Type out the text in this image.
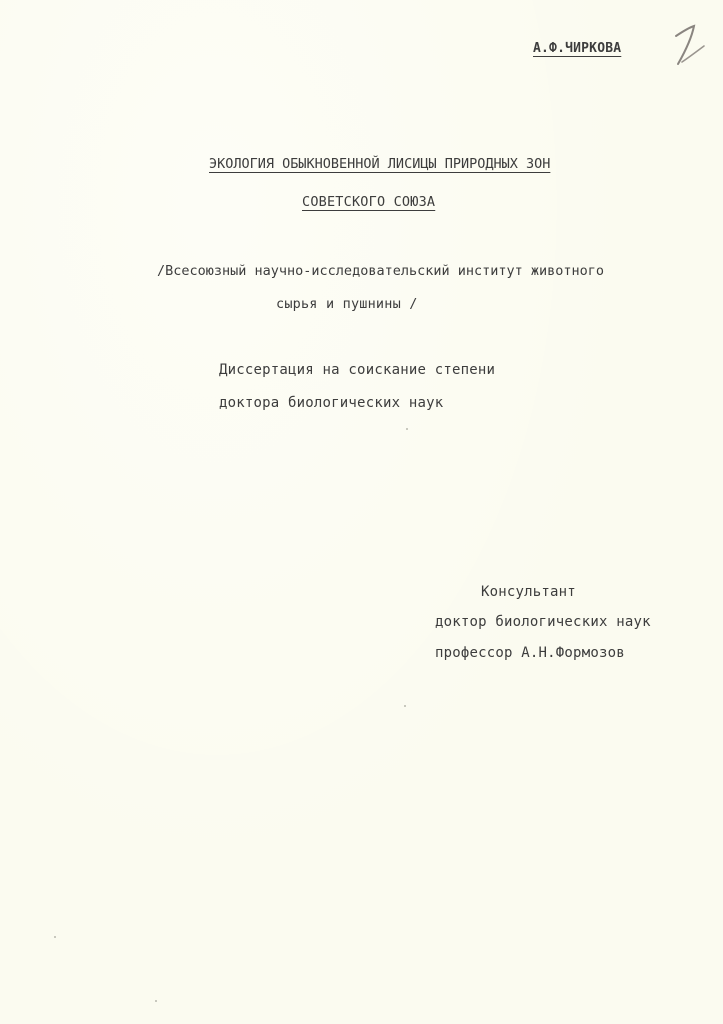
А.Ф.ЧИРКОВА
ЭКОЛОГИЯ ОБЫКНОВЕННОЙ ЛИСИЦЫ ПРИРОДНЫХ ЗОН
СОВЕТСКОГО СОЮЗА
/Всесоюзный научно-исследовательский институт животного
сырья и пушнины /
Диссертация на соискание степени
доктора биологических наук
Консультант
доктор биологических наук
профессор А.Н.Формозов
